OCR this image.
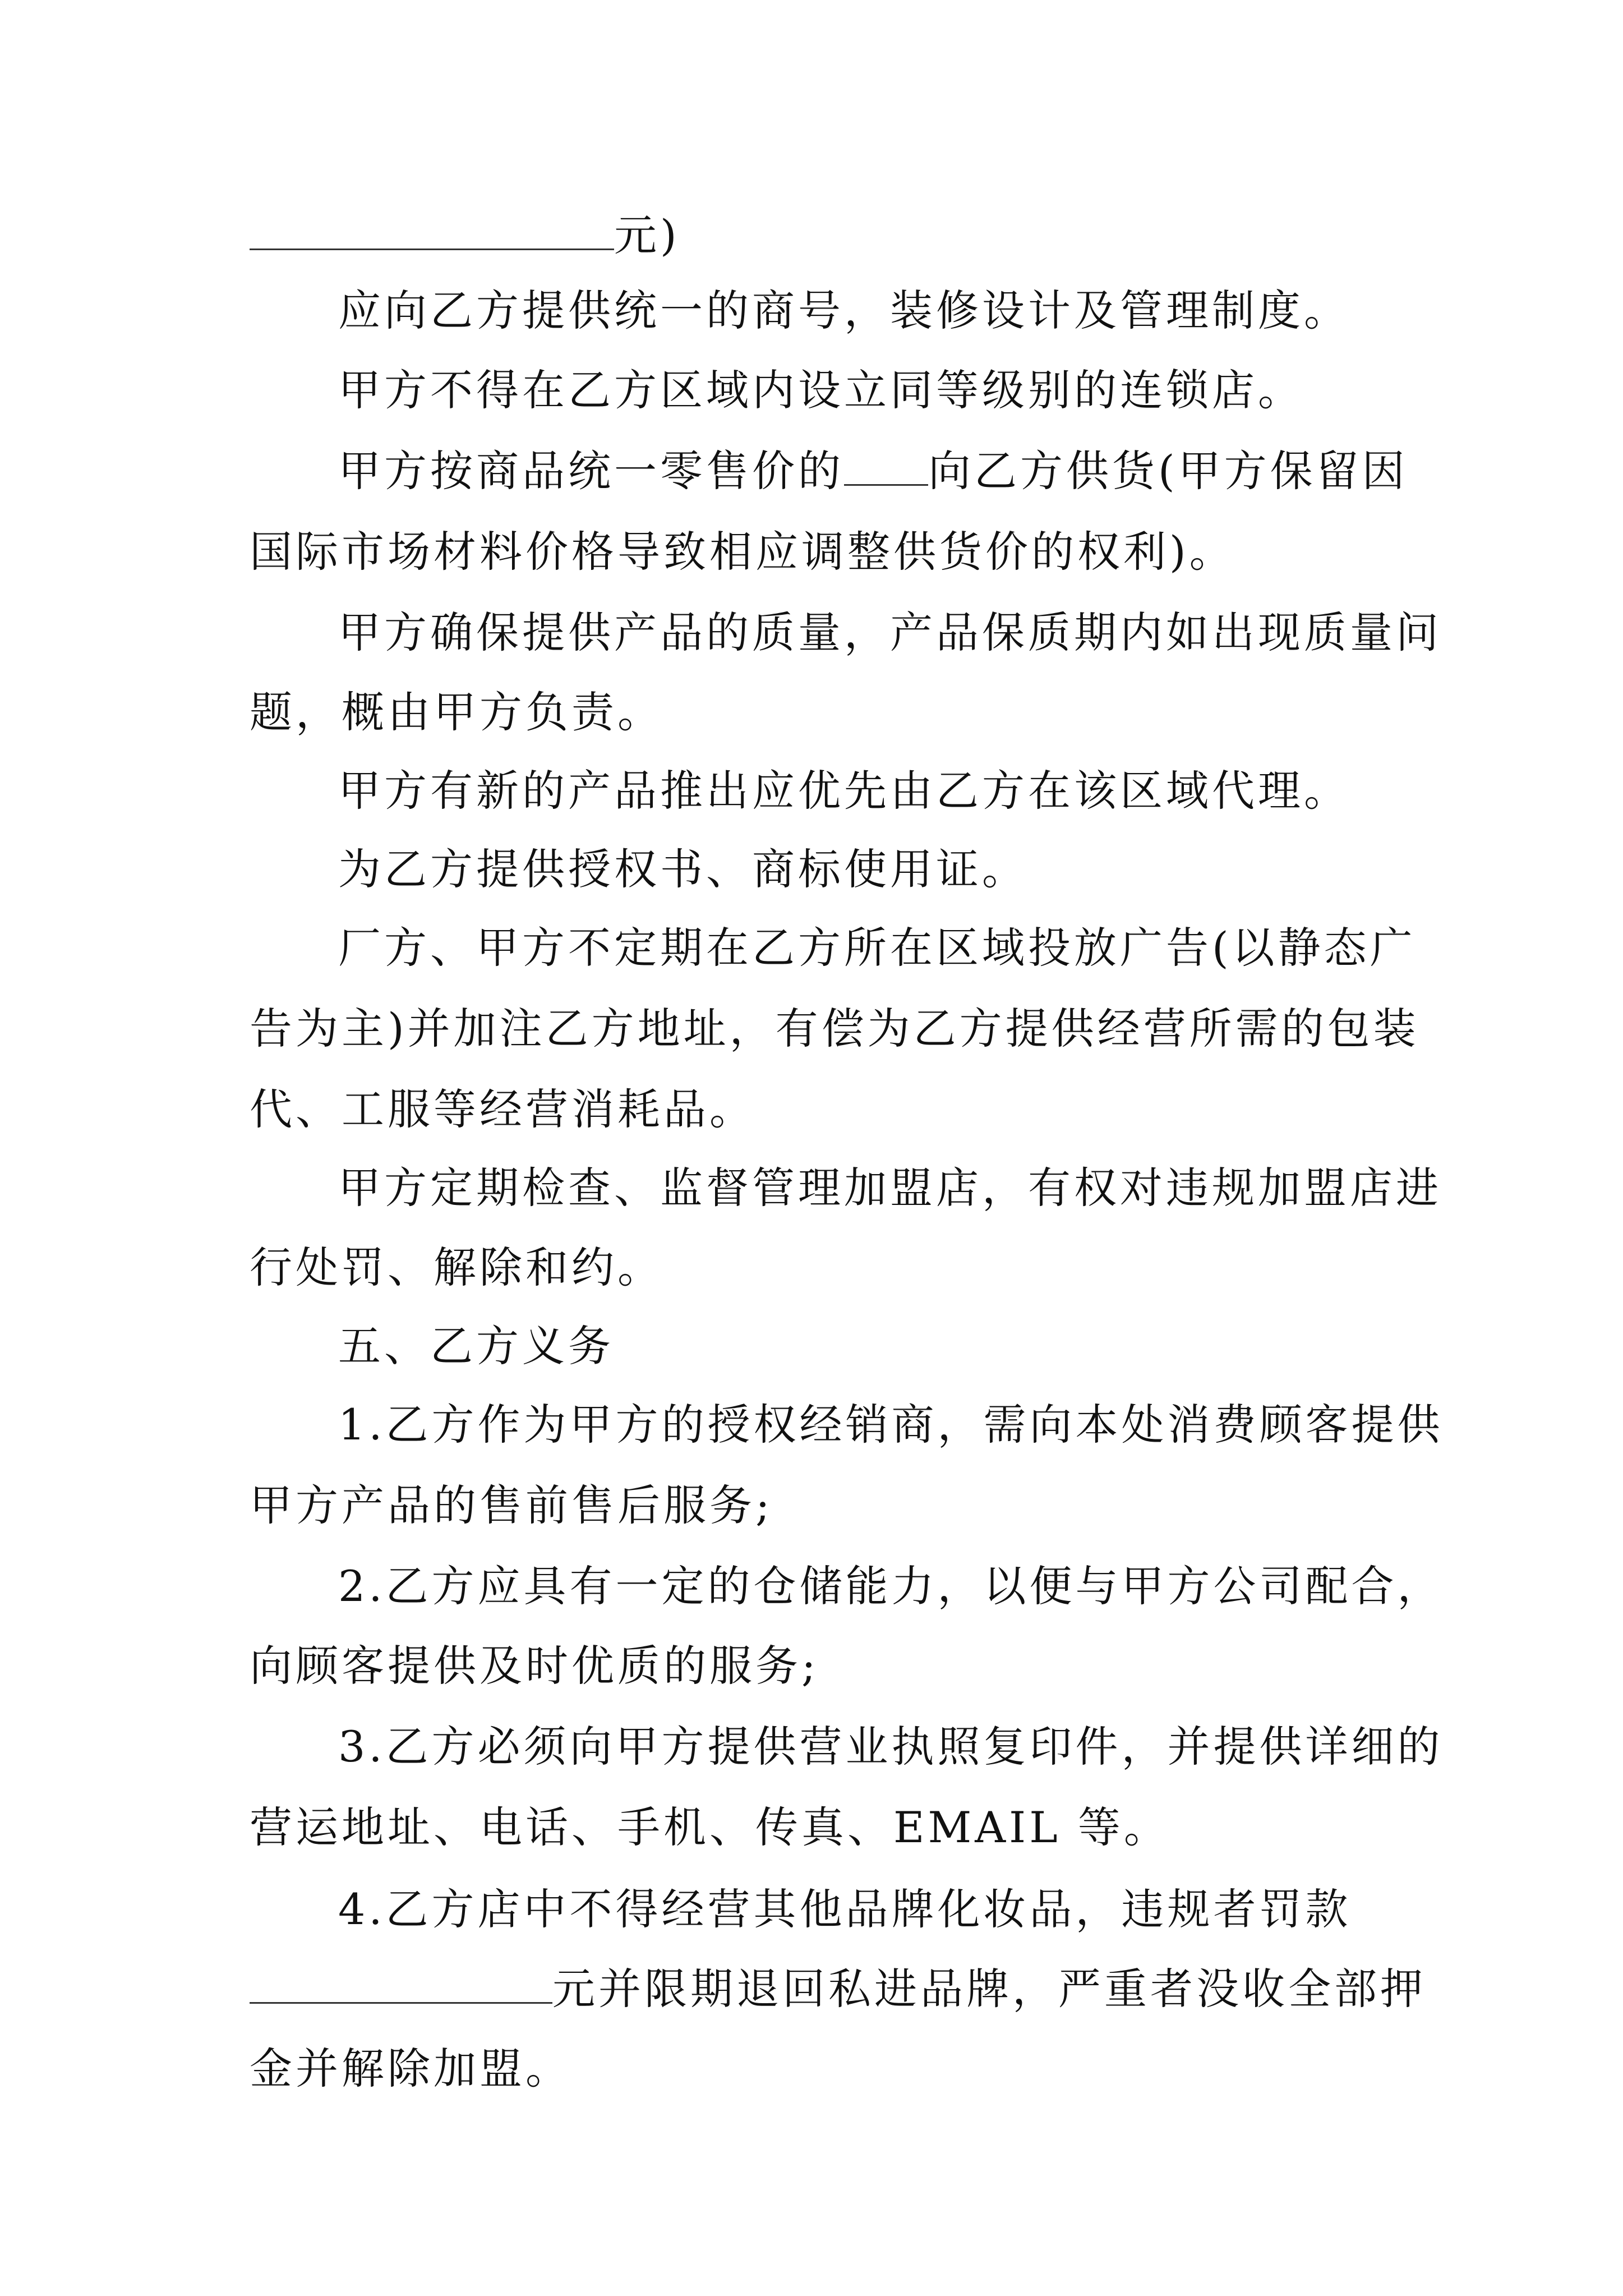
元)
应向乙方提供统一的商号，装修设计及管理制度。
甲方不得在乙方区域内设立同等级别的连锁店。
甲方按商品统一零售价的 向乙方供货(甲方保留因
国际市场材料价格导致相应调整供货价的权利)。
甲方确保提供产品的质量，产品保质期内如出现质量问
题，概由甲方负责。
甲方有新的产品推出应优先由乙方在该区域代理。
为乙方提供授权书、商标使用证。
厂方、甲方不定期在乙方所在区域投放广告(以静态广
告为主)并加注乙方地址，有偿为乙方提供经营所需的包装
代、工服等经营消耗品。
甲方定期检查、监督管理加盟店，有权对违规加盟店进
行处罚、解除和约。
五、乙方义务
1.乙方作为甲方的授权经销商，需向本处消费顾客提供
甲方产品的售前售后服务;
2.乙方应具有一定的仓储能力，以便与甲方公司配合，
向顾客提供及时优质的服务;
3.乙方必须向甲方提供营业执照复印件，并提供详细的
营运地址、电话、手机、传真、EMAIL 等。
4.乙方店中不得经营其他品牌化妆品，违规者罚款
元并限期退回私进品牌，严重者没收全部押
金并解除加盟。
